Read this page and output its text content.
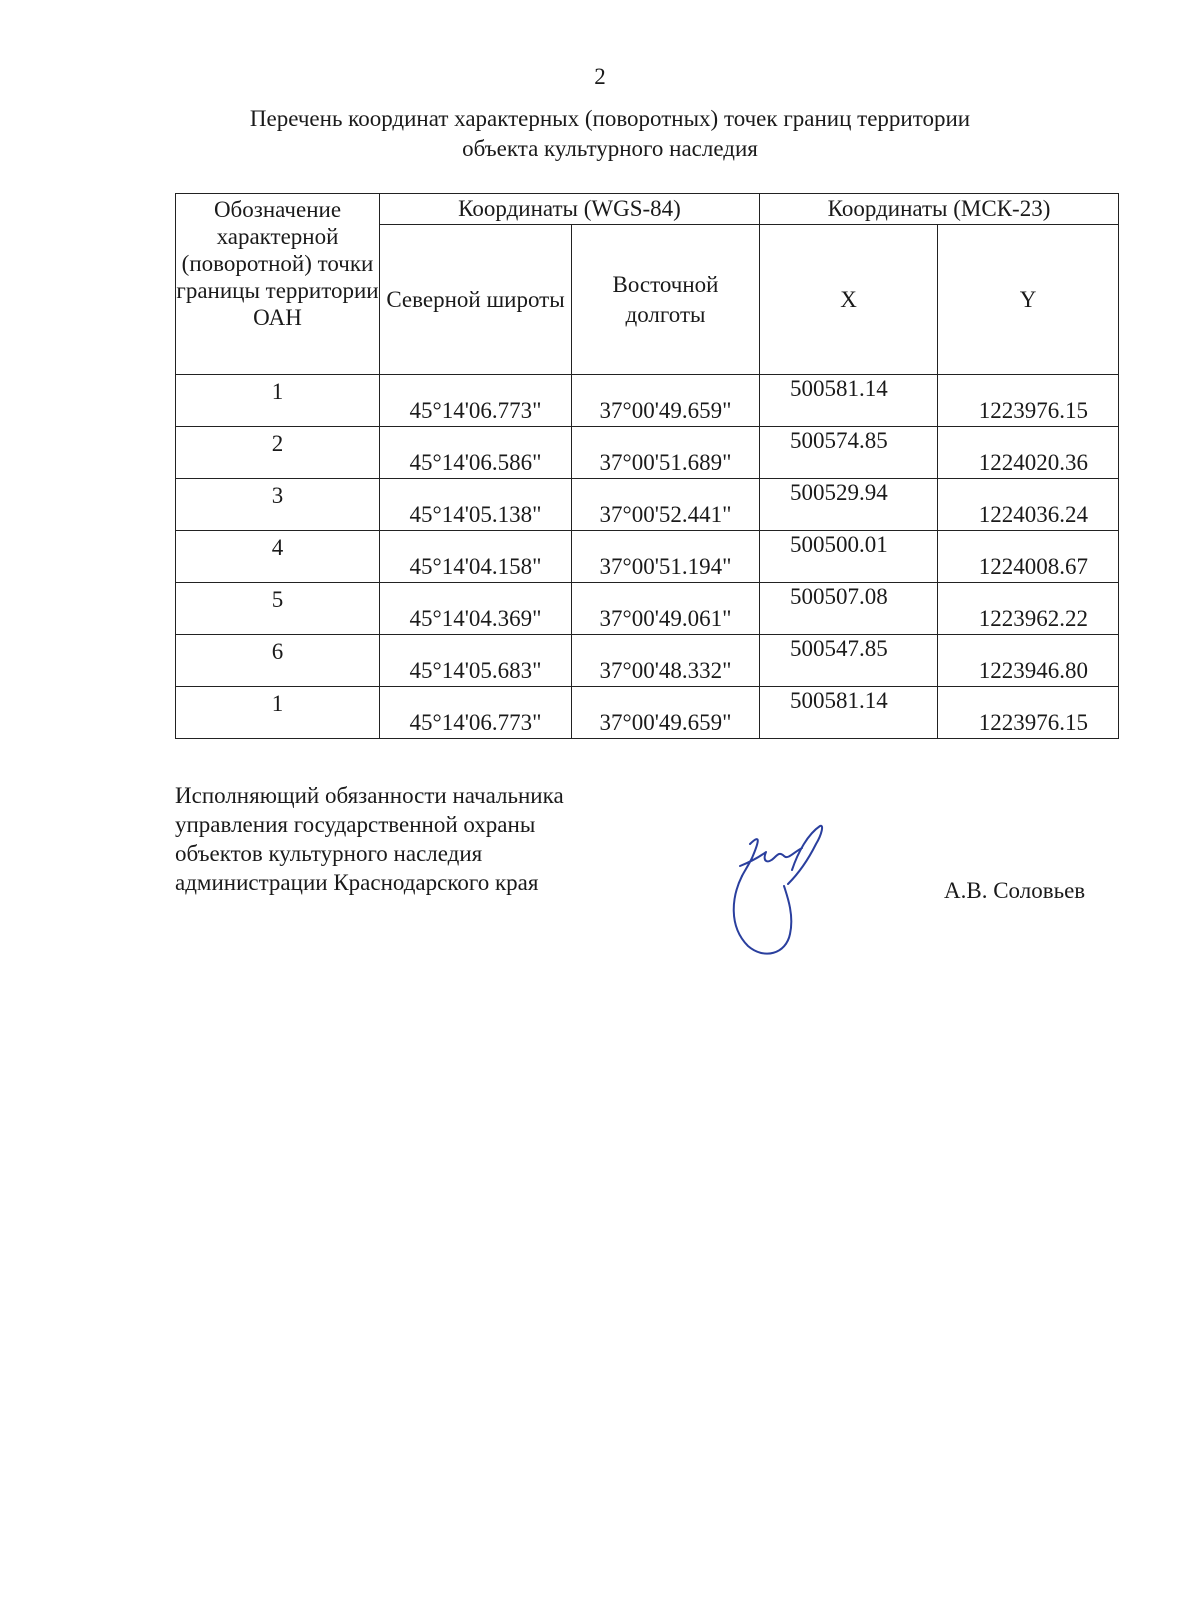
2
Перечень координат характерных (поворотных) точек границ территории
объекта культурного наследия
Обозначение характерной (поворотной) точки границы территории ОАН	Координаты (WGS-84)		Координаты (МСК-23)	
	Северной широты	Восточной долготы	X	Y
1	45°14'06.773"	37°00'49.659"	500581.14	1223976.15
2	45°14'06.586"	37°00'51.689"	500574.85	1224020.36
3	45°14'05.138"	37°00'52.441"	500529.94	1224036.24
4	45°14'04.158"	37°00'51.194"	500500.01	1224008.67
5	45°14'04.369"	37°00'49.061"	500507.08	1223962.22
6	45°14'05.683"	37°00'48.332"	500547.85	1223946.80
1	45°14'06.773"	37°00'49.659"	500581.14	1223976.15
Исполняющий обязанности начальника
управления государственной охраны
объектов культурного наследия
администрации Краснодарского края	А.В. Соловьев
